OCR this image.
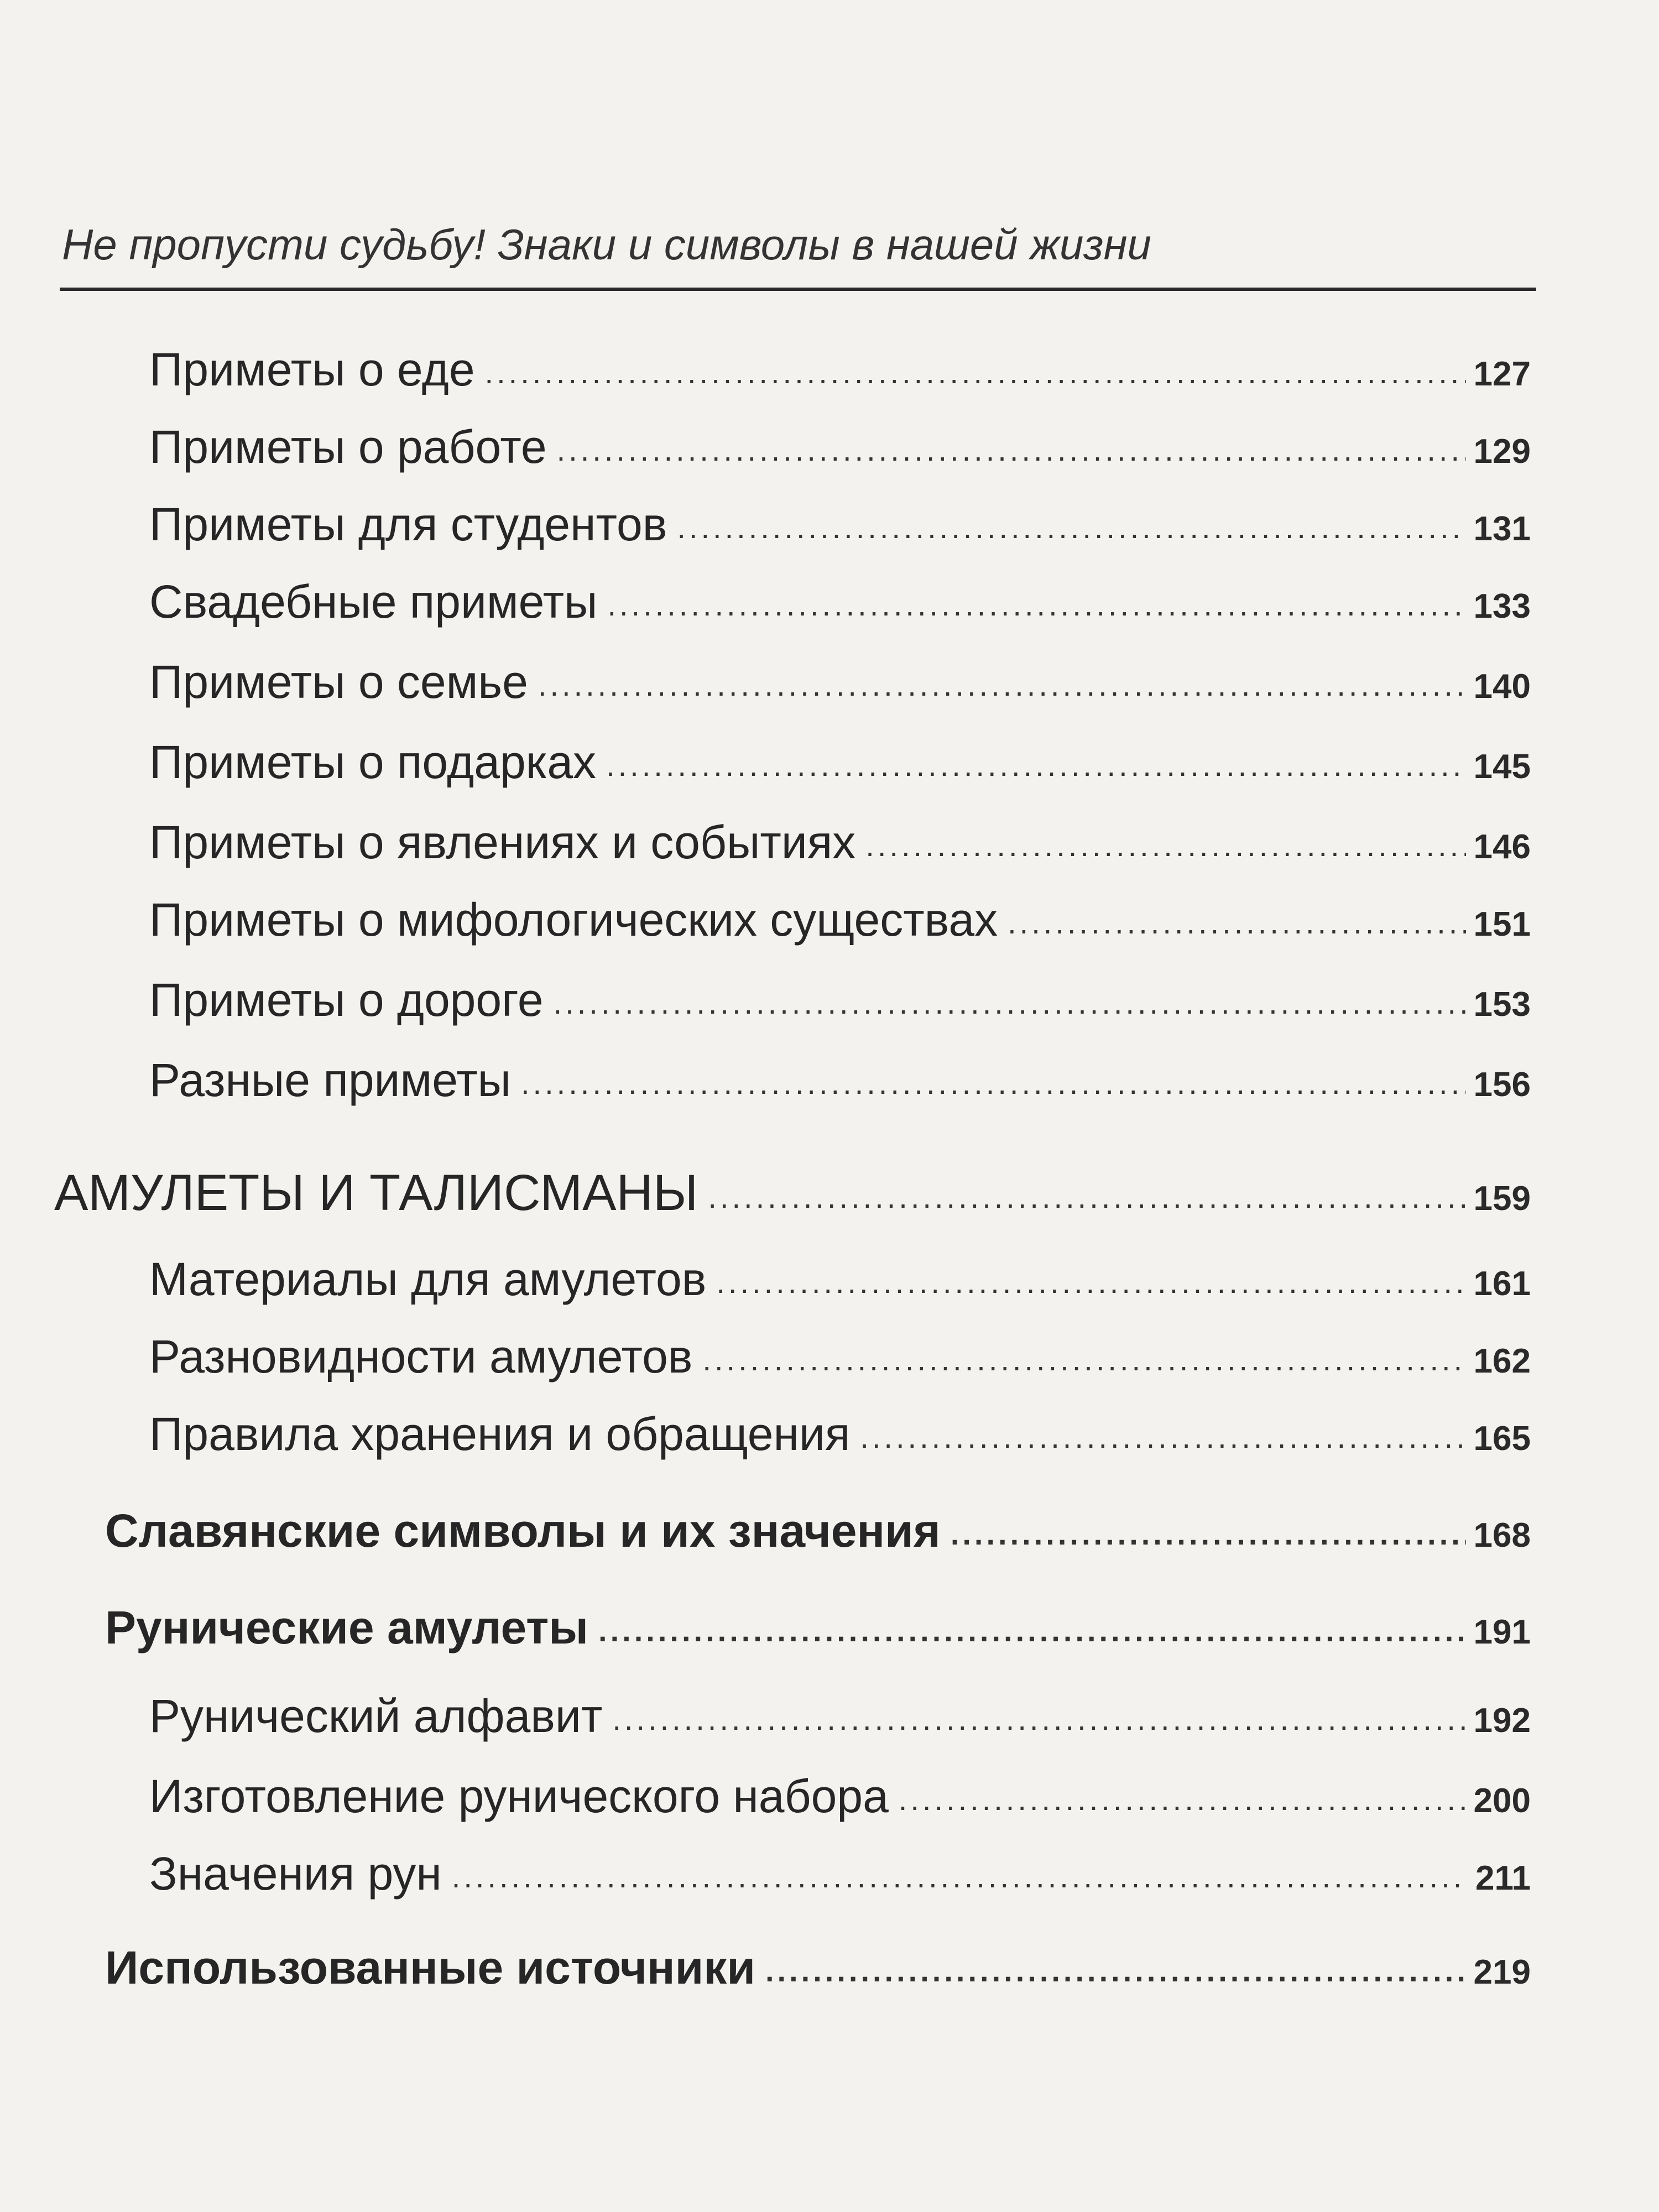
Не пропусти судьбу! Знаки и символы в нашей жизни
Приметы о еде .....	127
Приметы о работе .....	129
Приметы для студентов .....	131
Свадебные приметы .....	133
Приметы о семье .....	140
Приметы о подарках .....	145
Приметы о явлениях и событиях .....	146
Приметы о мифологических существах .....	151
Приметы о дороге .....	153
Разные приметы .....	156
АМУЛЕТЫ И ТАЛИСМАНЫ .....	159
Материалы для амулетов .....	161
Разновидности амулетов .....	162
Правила хранения и обращения .....	165
Славянские символы и их значения .....	168
Рунические амулеты .....	191
Рунический алфавит .....	192
Изготовление рунического набора .....	200
Значения рун .....	211
Использованные источники .....	219
